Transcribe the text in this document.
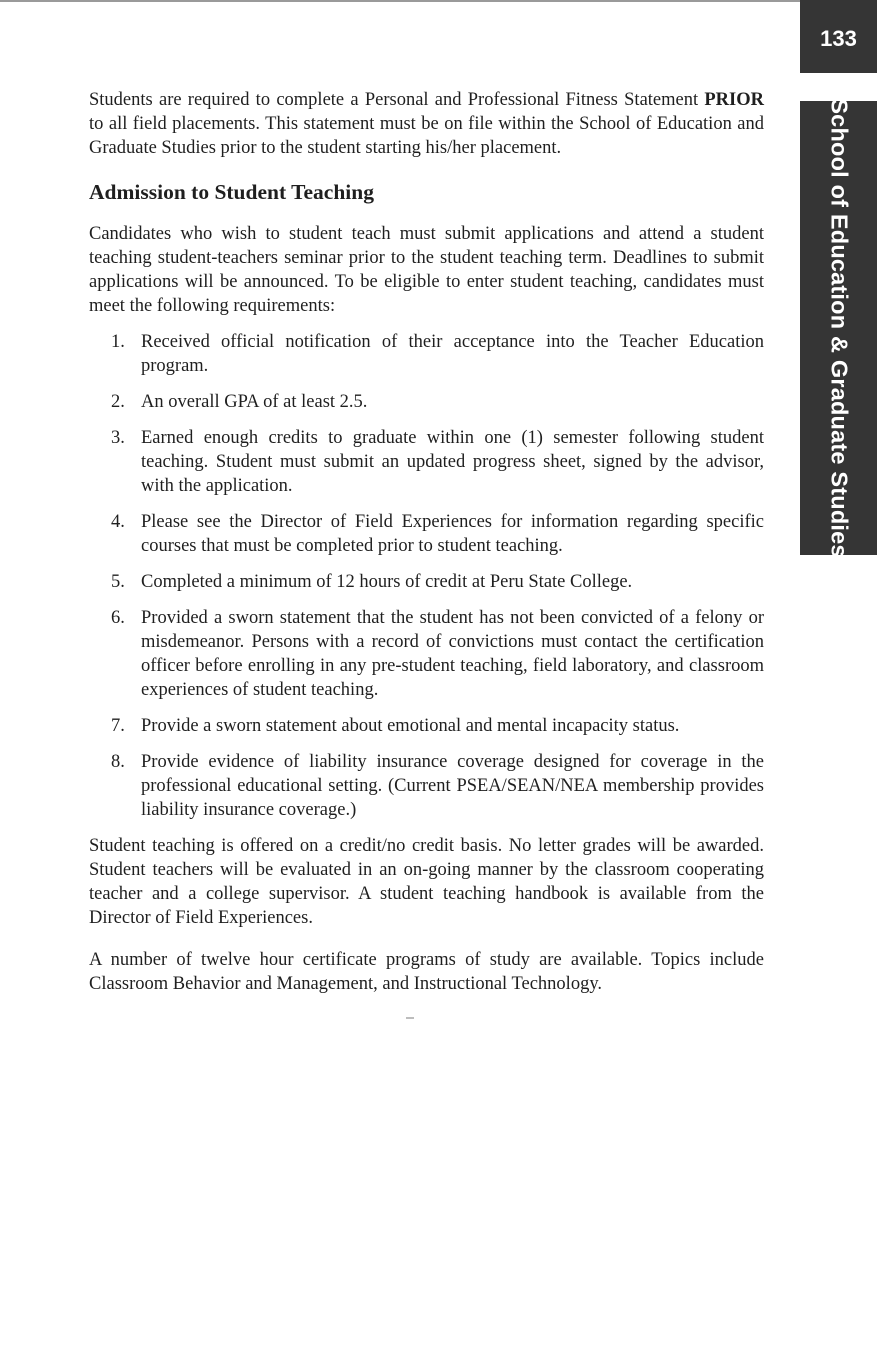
133
School of Education & Graduate Studies

Students are required to complete a Personal and Professional Fitness Statement PRIOR to all field placements. This statement must be on file within the School of Education and Graduate Studies prior to the student starting his/her placement.

Admission to Student Teaching

Candidates who wish to student teach must submit applications and attend a student teaching student-teachers seminar prior to the student teaching term. Deadlines to submit applications will be announced. To be eligible to enter student teaching, candidates must meet the following requirements:

1. Received official notification of their acceptance into the Teacher Education program.
2. An overall GPA of at least 2.5.
3. Earned enough credits to graduate within one (1) semester following student teaching. Student must submit an updated progress sheet, signed by the advisor, with the application.
4. Please see the Director of Field Experiences for information regarding specific courses that must be completed prior to student teaching.
5. Completed a minimum of 12 hours of credit at Peru State College.
6. Provided a sworn statement that the student has not been convicted of a felony or misdemeanor. Persons with a record of convictions must contact the certification officer before enrolling in any pre-student teaching, field laboratory, and classroom experiences of student teaching.
7. Provide a sworn statement about emotional and mental incapacity status.
8. Provide evidence of liability insurance coverage designed for coverage in the professional educational setting. (Current PSEA/SEAN/NEA membership provides liability insurance coverage.)

Student teaching is offered on a credit/no credit basis. No letter grades will be awarded. Student teachers will be evaluated in an on-going manner by the classroom cooperating teacher and a college supervisor. A student teaching handbook is available from the Director of Field Experiences.

A number of twelve hour certificate programs of study are available. Topics include Classroom Behavior and Management, and Instructional Technology.
